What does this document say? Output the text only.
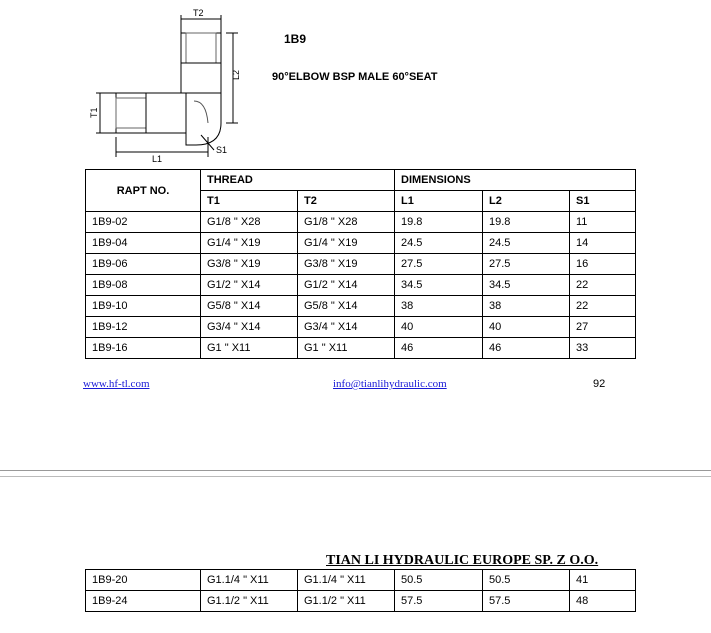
T2
L2
T1
L1
S1
1B9
90°ELBOW BSP MALE 60°SEAT
RAPT NO.	THREAD		DIMENSIONS		
	T1	T2	L1	L2	S1
1B9-02	G1/8 " X28	G1/8 " X28	19.8	19.8	11
1B9-04	G1/4 " X19	G1/4 " X19	24.5	24.5	14
1B9-06	G3/8 " X19	G3/8 " X19	27.5	27.5	16
1B9-08	G1/2 " X14	G1/2 " X14	34.5	34.5	22
1B9-10	G5/8 " X14	G5/8 " X14	38	38	22
1B9-12	G3/4 " X14	G3/4 " X14	40	40	27
1B9-16	G1 " X11	G1 " X11	46	46	33
www.hf-tl.com	info@tianlihydraulic.com	92
TIAN LI HYDRAULIC EUROPE SP. Z O.O.
1B9-20	G1.1/4 " X11	G1.1/4 " X11	50.5	50.5	41
1B9-24	G1.1/2 " X11	G1.1/2 " X11	57.5	57.5	48
